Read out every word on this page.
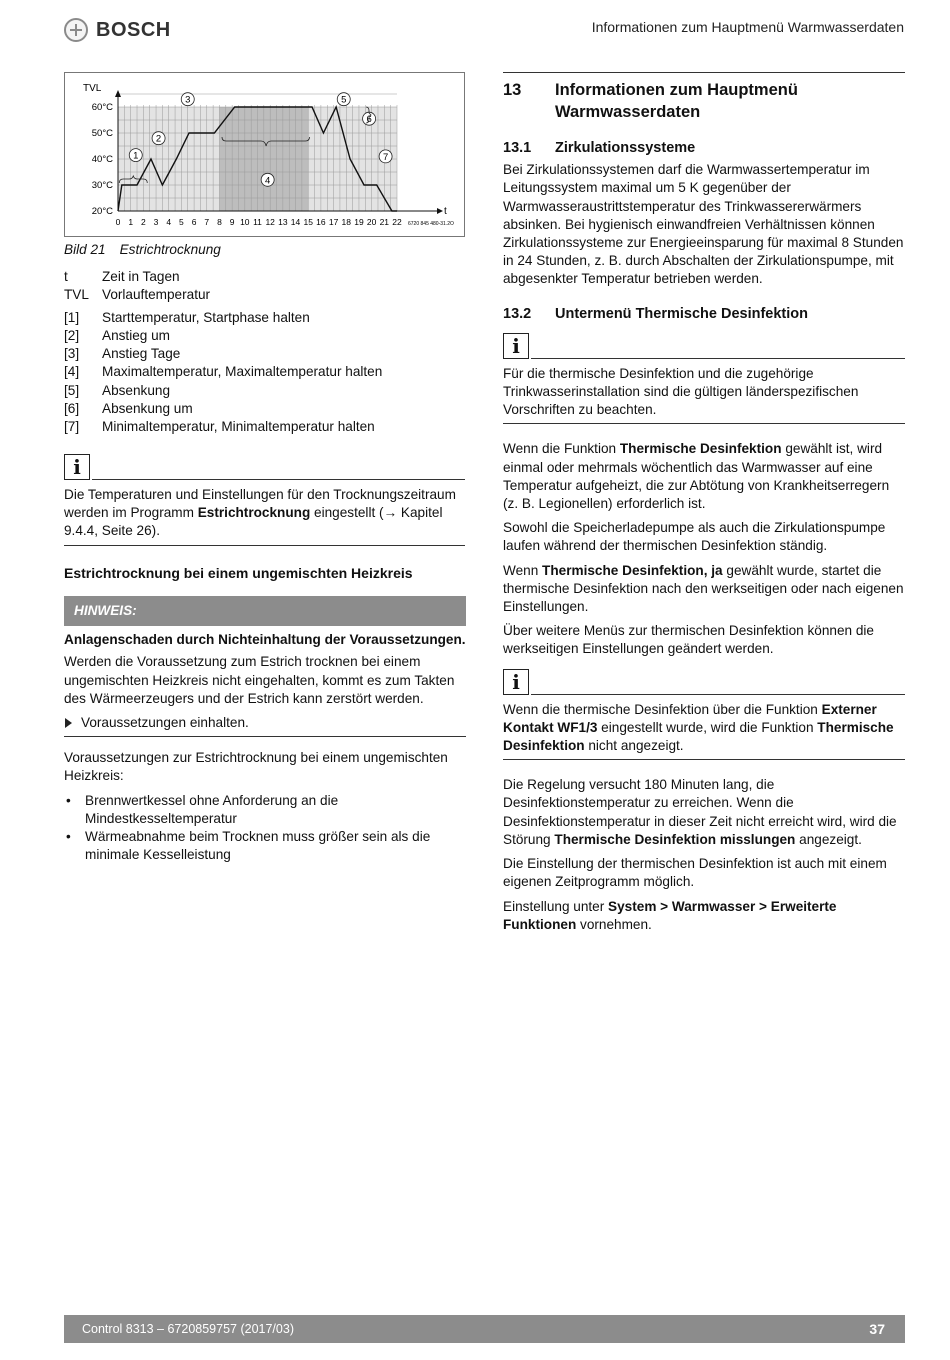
BOSCH	Informationen zum Hauptmenü Warmwasserdaten
60°C
50°C
40°C
30°C
20°C
0 1 2 3 4 5 6 7 8 9 10 11 12 13 14 15 16 17 18 19 20 21 22
1
2
3
4
5
6
7
TVL
t
6720 845 480-31.2O
Bild 21 Estrichtrocknung
t	Zeit in Tagen
TVL Vorlauftemperatur
[1]	Starttemperatur, Startphase halten
[2]	Anstieg um
[3]	Anstieg Tage
[4]	Maximaltemperatur, Maximaltemperatur halten
[5]	Absenkung
[6]	Absenkung um
[7]	Minimaltemperatur, Minimaltemperatur halten
i
Die Temperaturen und Einstellungen für den Trocknungszeitraum werden im Programm Estrichtrocknung eingestellt (→ Kapitel 9.4.4, Seite 26).
Estrichtrocknung bei einem ungemischten Heizkreis
HINWEIS:
Anlagenschaden durch Nichteinhaltung der Voraussetzungen.

Werden die Voraussetzung zum Estrich trocknen bei einem ungemischten Heizkreis nicht eingehalten, kommt es zum Takten des Wärmeerzeugers und der Estrich kann zerstört werden.

Voraussetzungen einhalten.

Voraussetzungen zur Estrichtrocknung bei einem ungemischten Heizkreis:

•	Brennwertkessel ohne Anforderung an die Mindestkesseltemperatur
•	Wärmeabnahme beim Trocknen muss größer sein als die minimale Kesselleistung
13 Informationen zum Hauptmenü Warmwasserdaten
13.1 Zirkulationssysteme

Bei Zirkulationssystemen darf die Warmwassertemperatur im Leitungssystem maximal um 5 K gegenüber der Warmwasseraustrittstemperatur des Trinkwassererwärmers absinken. Bei hygienisch einwandfreien Verhältnissen können Zirkulationssysteme zur Energieeinsparung für maximal 8 Stunden in 24 Stunden, z. B. durch Abschalten der Zirkulationspumpe, mit abgesenkter Temperatur betrieben werden.

13.2 Untermenü Thermische Desinfektion
i
Für die thermische Desinfektion und die zugehörige Trinkwasserinstallation sind die gültigen länderspezifischen Vorschriften zu beachten.

Wenn die Funktion Thermische Desinfektion gewählt ist, wird einmal oder mehrmals wöchentlich das Warmwasser auf eine Temperatur aufgeheizt, die zur Abtötung von Krankheitserregern (z. B. Legionellen) erforderlich ist.

Sowohl die Speicherladepumpe als auch die Zirkulationspumpe laufen während der thermischen Desinfektion ständig.

Wenn Thermische Desinfektion, ja gewählt wurde, startet die thermische Desinfektion nach den werkseitigen oder nach eigenen Einstellungen.

Über weitere Menüs zur thermischen Desinfektion können die werkseitigen Einstellungen geändert werden.

i
Wenn die thermische Desinfektion über die Funktion Externer Kontakt WF1/3 eingestellt wurde, wird die Funktion Thermische Desinfektion nicht angezeigt.

Die Regelung versucht 180 Minuten lang, die Desinfektionstemperatur zu erreichen. Wenn die Desinfektionstemperatur in dieser Zeit nicht erreicht wird, wird die Störung Thermische Desinfektion misslungen angezeigt.

Die Einstellung der thermischen Desinfektion ist auch mit einem eigenen Zeitprogramm möglich.

Einstellung unter System > Warmwasser > Erweiterte Funktionen vornehmen.

Control 8313 – 6720859757 (2017/03)	37
